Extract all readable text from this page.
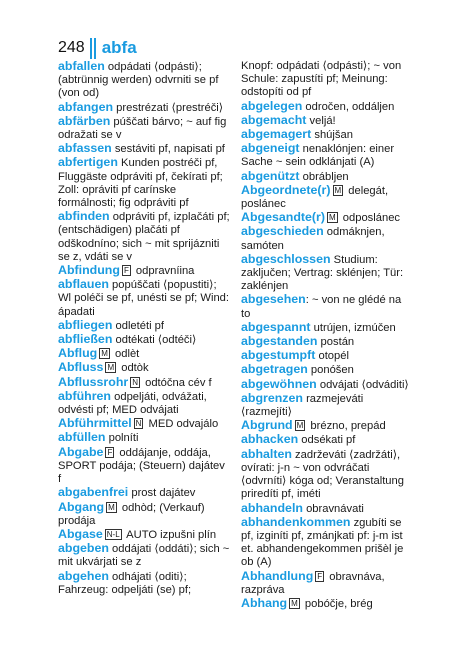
248 abfa

abfallen odpádati ⟨odpásti⟩; (abtrünnig werden) odvrniti se pf (von od)

abfangen prestrézati ⟨prestréči⟩

abfärben púščati bárvo; ~ auf fig odražati se v

abfassen sestáviti pf, napisati pf

abfertigen Kunden postréči pf, Fluggäste odpráviti pf, čekírati pf; Zoll: opráviti pf carínske formálnosti; fig odpráviti pf

abfinden odpráviti pf, izplačáti pf; (entschädigen) plačáti pf odškodníno; sich ~ mit sprijázniti se z, vdáti se v

Abfindung F odpravníina

abflauen popúščati ⟨popustiti⟩; Wl poléči se pf, unésti se pf; Wind: ápadati

abfliegen odletéti pf

abfließen odtékati ⟨odtéči⟩

Abflug M odlèt

Abfluss M odtòk

Abflussrohr N odtóčna cév f

abführen odpeljáti, odvážati, odvésti pf; MED odvájati

Abführmittel N MED odvajálo

abfüllen polníti

Abgabe F oddájanje, oddája, SPORT podája; (Steuern) dajátev f

abgabenfrei prost dajátev

Abgang M odhòd; (Verkauf) prodája

Abgase N-L AUTO izpušni plín

abgeben oddájati ⟨oddáti⟩; sich ~ mit ukvárjati se z

abgehen odhájati ⟨oditi⟩; Fahrzeug: odpeljáti (se) pf;

Knopf: odpádati ⟨odpásti⟩; ~ von Schule: zapustíti pf; Meinung: odstopíti od pf

abgelegen odročen, oddáljen

abgemacht veljá!

abgemagert shújšan

abgeneigt nenaklónjen: einer Sache ~ sein odklánjati (A)

abgenützt obrábljen

Abgeordnete(r) M delegát, poslánec

Abgesandte(r) M odposlánec

abgeschieden odmáknjen, samóten

abgeschlossen Studium: zaključen; Vertrag: sklénjen; Tür: zaklénjen

abgesehen: ~ von ne glédé na to

abgespannt utrújen, izmúčen

abgestanden postán

abgestumpft otopél

abgetragen ponóšen

abgewöhnen odvájati ⟨odváditi⟩

abgrenzen razmejeváti ⟨razmejíti⟩

Abgrund M brézno, prepád

abhacken odsékati pf

abhalten zadrževáti ⟨zadržáti⟩, ovírati: j-n ~ von odvráčati ⟨odvrníti⟩ kóga od; Veranstaltung priredíti pf, iméti

abhandeln obravnávati

abhandenkommen zgubíti se pf, izginíti pf, zmánjkati pf: j-m ist et. abhandengekommen prišèl je ob (A)

Abhandlung F obravnáva, razpráva

Abhang M pobóčje, brég
